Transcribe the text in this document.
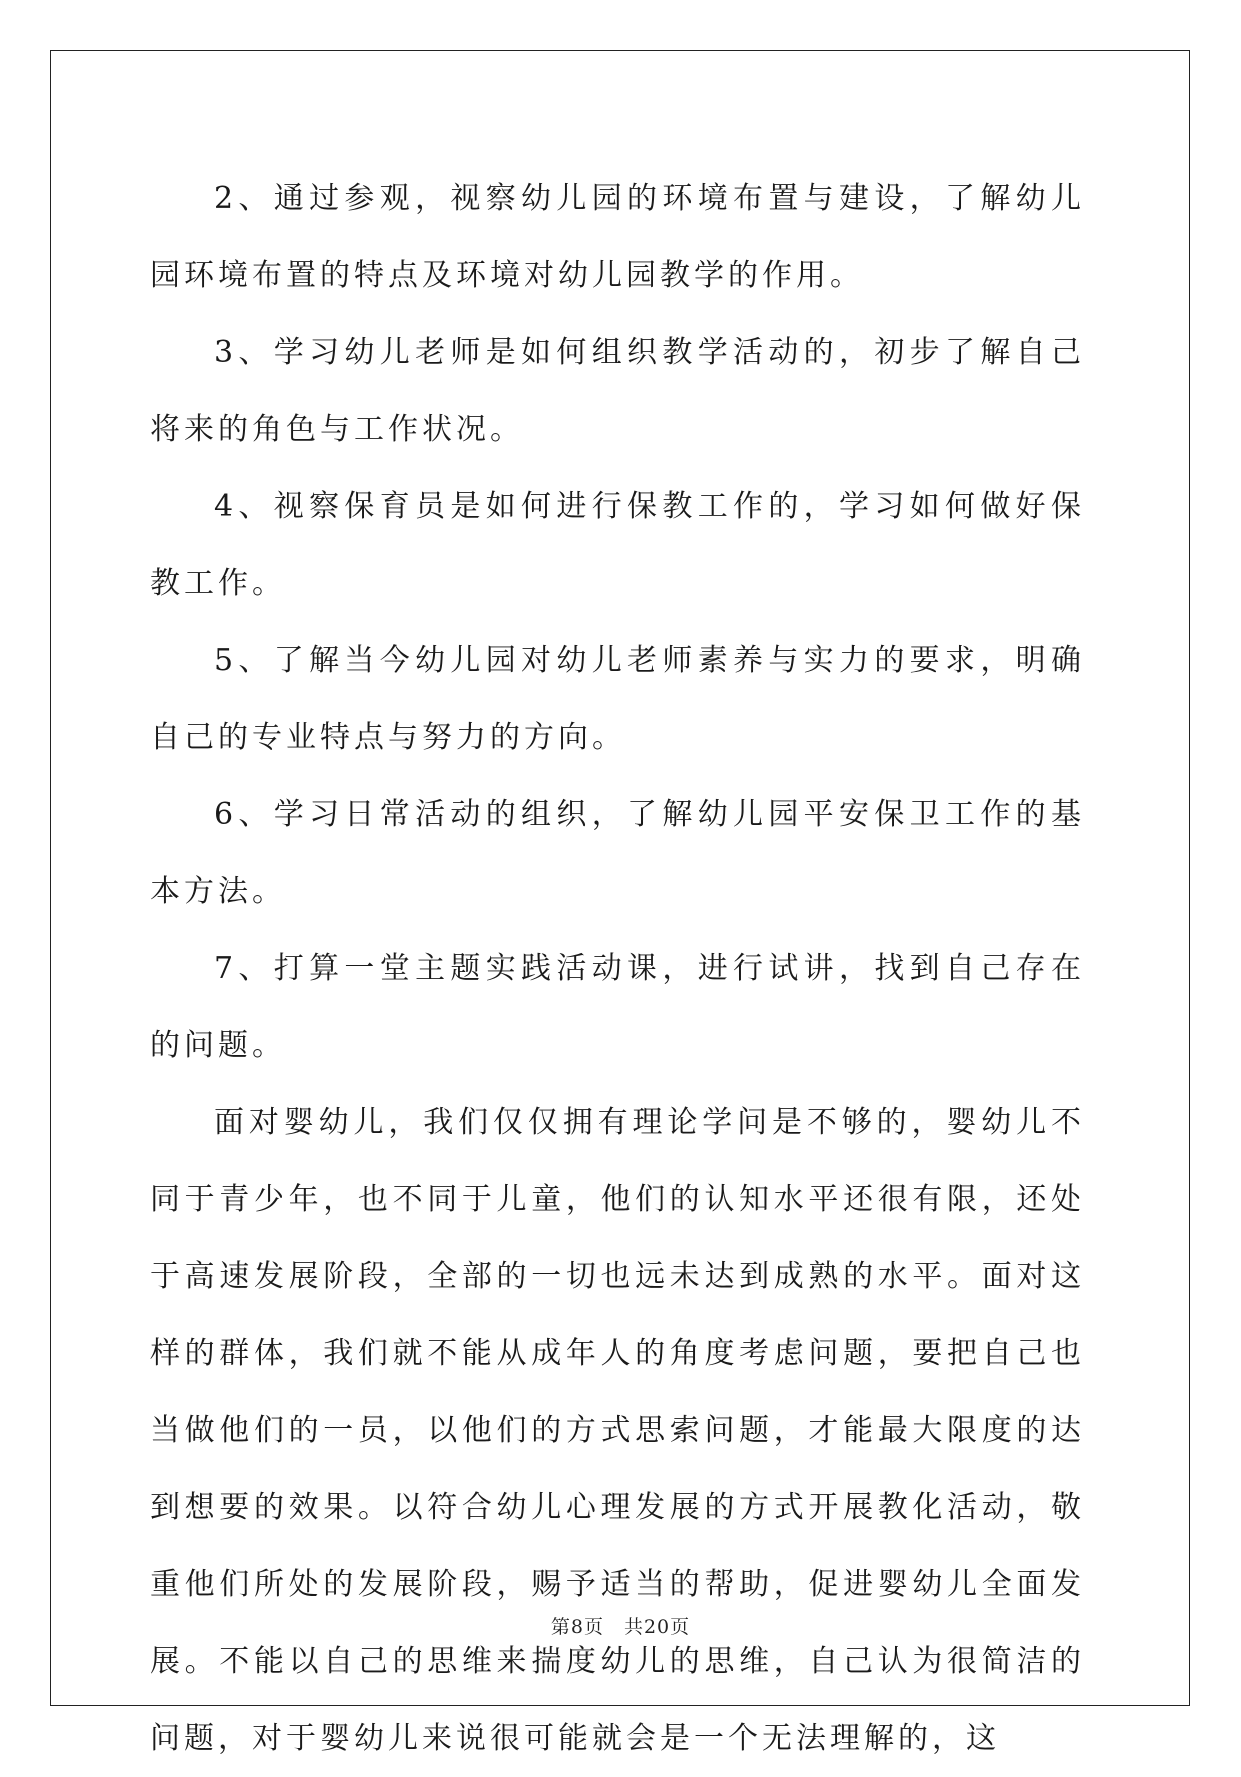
2、通过参观，视察幼儿园的环境布置与建设，了解幼儿园环境布置的特点及环境对幼儿园教学的作用。

3、学习幼儿老师是如何组织教学活动的，初步了解自己将来的角色与工作状况。

4、视察保育员是如何进行保教工作的，学习如何做好保教工作。

5、了解当今幼儿园对幼儿老师素养与实力的要求，明确自己的专业特点与努力的方向。

6、学习日常活动的组织，了解幼儿园平安保卫工作的基本方法。

7、打算一堂主题实践活动课，进行试讲，找到自己存在的问题。

面对婴幼儿，我们仅仅拥有理论学问是不够的，婴幼儿不同于青少年，也不同于儿童，他们的认知水平还很有限，还处于高速发展阶段，全部的一切也远未达到成熟的水平。面对这样的群体，我们就不能从成年人的角度考虑问题，要把自己也当做他们的一员，以他们的方式思索问题，才能最大限度的达到想要的效果。以符合幼儿心理发展的方式开展教化活动，敬重他们所处的发展阶段，赐予适当的帮助，促进婴幼儿全面发展。不能以自己的思维来揣度幼儿的思维，自己认为很简洁的问题，对于婴幼儿来说很可能就会是一个无法理解的，这

第8页　共20页
